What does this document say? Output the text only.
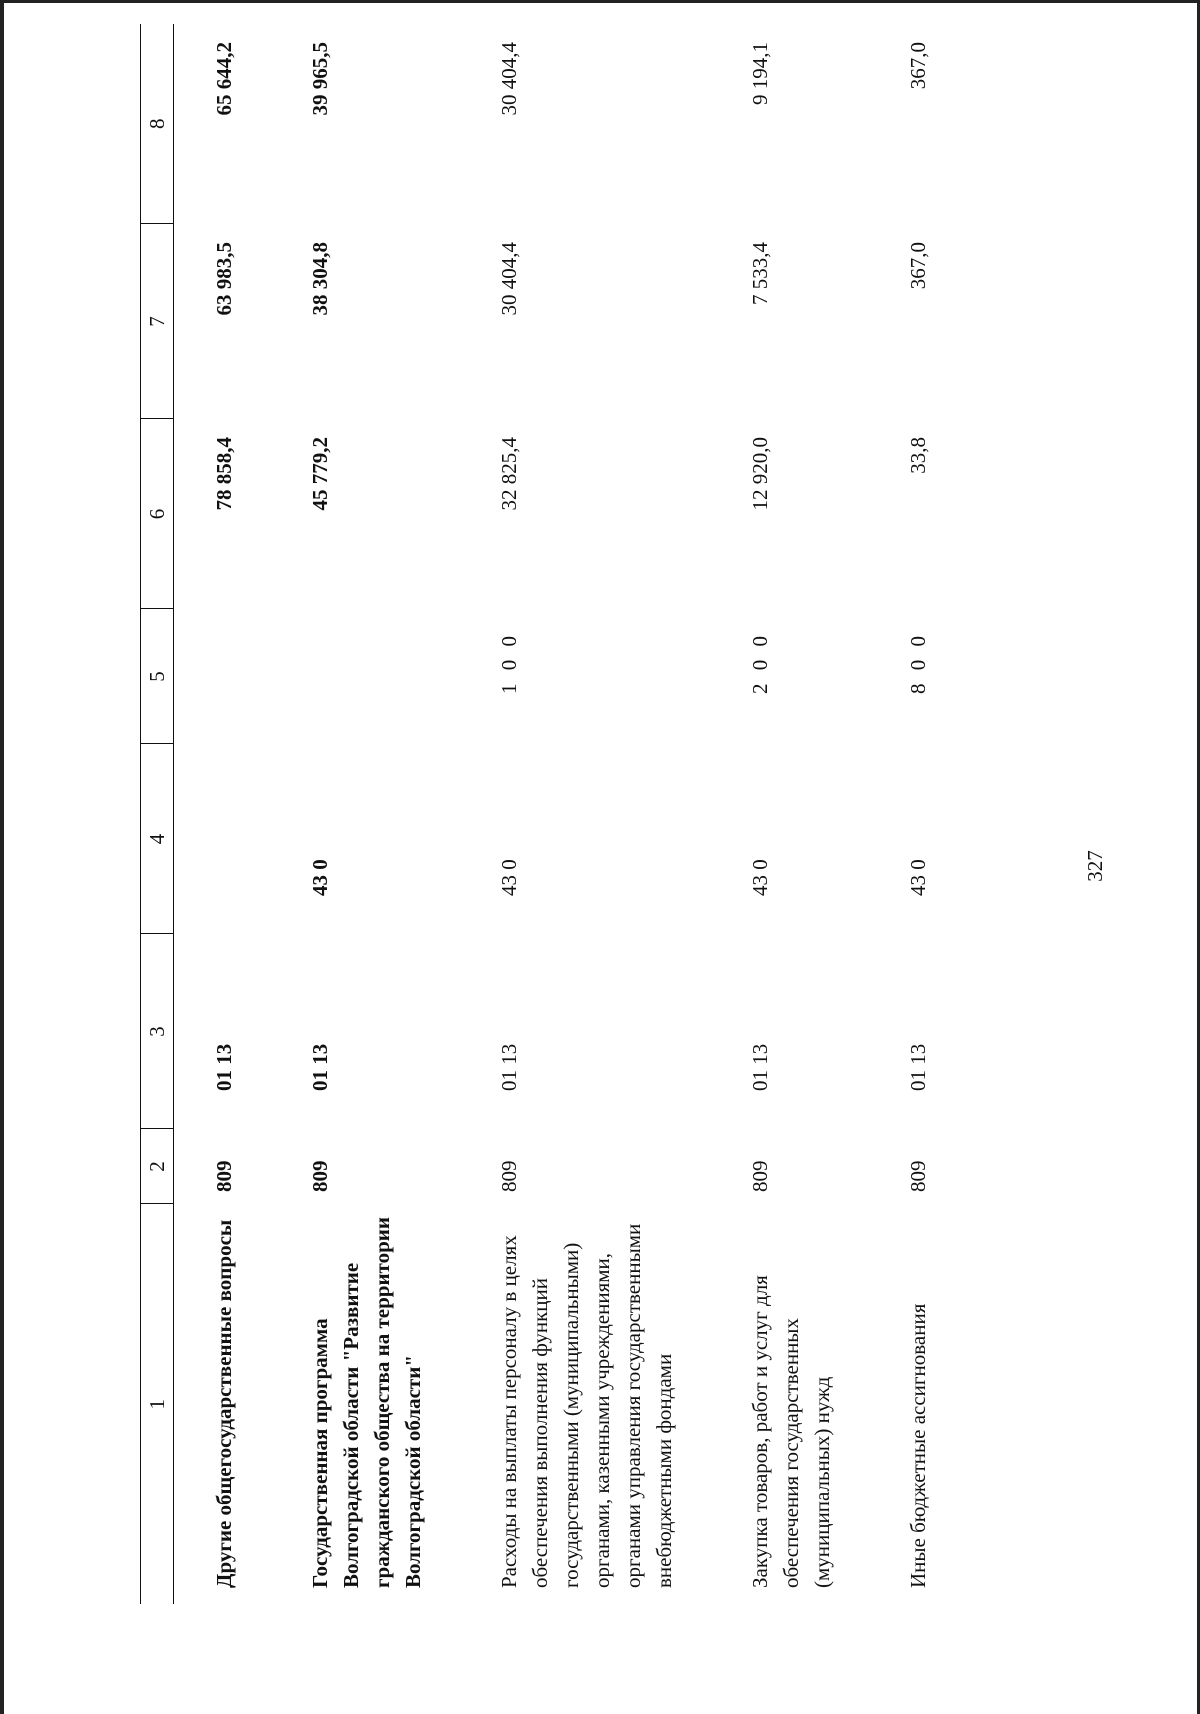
327
1	2	3	4	5	6	7	8
Другие общегосударственные вопросы	809	01 13			78 858,4	63 983,5	65 644,2
Государственная программа Волгоградской области "Развитие гражданского общества на территории Волгоградской области"	809	01 13	43 0		45 779,2	38 304,8	39 965,5
Расходы на выплаты персоналу в целях обеспечения выполнения функций государственными (муниципальными) органами, казенными учреждениями, органами управления государственными внебюджетными фондами	809	01 13	43 0	1 0 0	32 825,4	30 404,4	30 404,4
Закупка товаров, работ и услуг для обеспечения государственных (муниципальных) нужд	809	01 13	43 0	2 0 0	12 920,0	7 533,4	9 194,1
Иные бюджетные ассигнования	809	01 13	43 0	8 0 0	33,8	367,0	367,0
